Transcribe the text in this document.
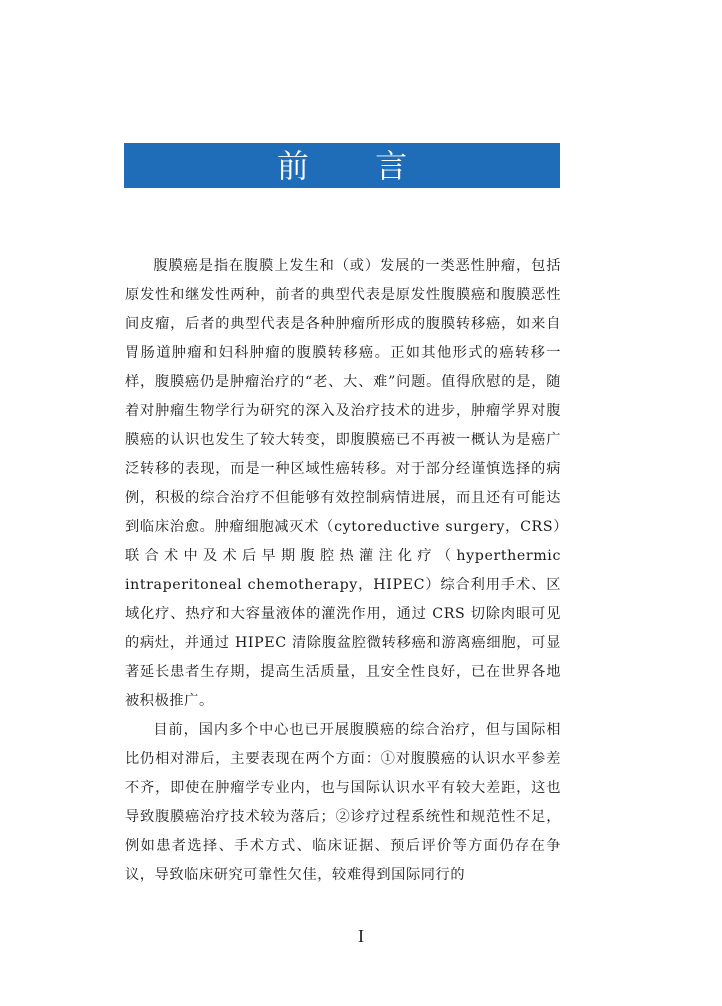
前 言

腹膜癌是指在腹膜上发生和（或）发展的一类恶性肿瘤，包括原发性和继发性两种，前者的典型代表是原发性腹膜癌和腹膜恶性间皮瘤，后者的典型代表是各种肿瘤所形成的腹膜转移癌，如来自胃肠道肿瘤和妇科肿瘤的腹膜转移癌。正如其他形式的癌转移一样，腹膜癌仍是肿瘤治疗的“老、大、难”问题。值得欣慰的是，随着对肿瘤生物学行为研究的深入及治疗技术的进步，肿瘤学界对腹膜癌的认识也发生了较大转变，即腹膜癌已不再被一概认为是癌广泛转移的表现，而是一种区域性癌转移。对于部分经谨慎选择的病例，积极的综合治疗不但能够有效控制病情进展，而且还有可能达到临床治愈。肿瘤细胞减灭术（cytoreductive surgery，CRS）联合术中及术后早期腹腔热灌注化疗（hyperthermic intraperitoneal chemotherapy，HIPEC）综合利用手术、区域化疗、热疗和大容量液体的灌洗作用，通过 CRS 切除肉眼可见的病灶，并通过 HIPEC 清除腹盆腔微转移癌和游离癌细胞，可显著延长患者生存期，提高生活质量，且安全性良好，已在世界各地被积极推广。

目前，国内多个中心也已开展腹膜癌的综合治疗，但与国际相比仍相对滞后，主要表现在两个方面：①对腹膜癌的认识水平参差不齐，即使在肿瘤学专业内，也与国际认识水平有较大差距，这也导致腹膜癌治疗技术较为落后；②诊疗过程系统性和规范性不足，例如患者选择、手术方式、临床证据、预后评价等方面仍存在争议，导致临床研究可靠性欠佳，较难得到国际同行的

I
